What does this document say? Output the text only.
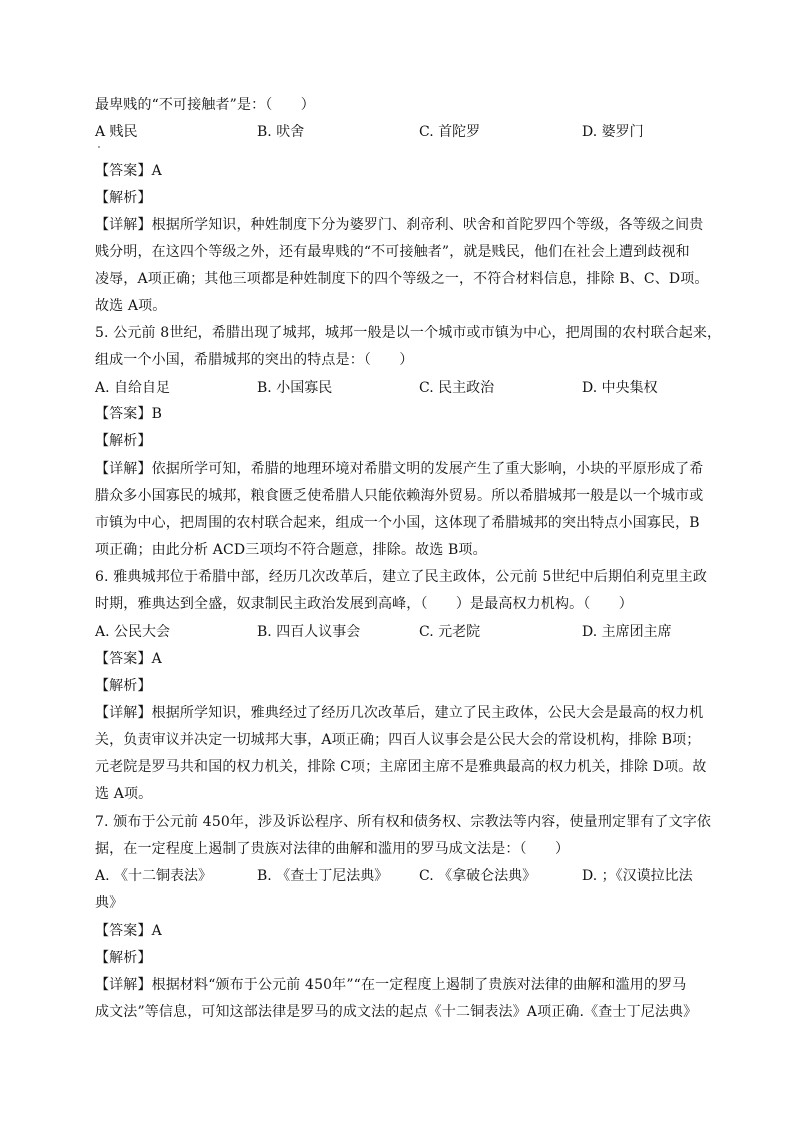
最卑贱的“不可接触者”是：（　　）
A 贱民	B. 吠舍	C. 首陀罗	D. 婆罗门
【答案】A
【解析】
【详解】根据所学知识，种姓制度下分为婆罗门、刹帝利、吠舍和首陀罗四个等级，各等级之间贵
贱分明，在这四个等级之外，还有最卑贱的“不可接触者”，就是贱民，他们在社会上遭到歧视和
凌辱，A项正确；其他三项都是种姓制度下的四个等级之一，不符合材料信息，排除 B、C、D项。
故选 A项。
5. 公元前 8世纪，希腊出现了城邦，城邦一般是以一个城市或市镇为中心，把周围的农村联合起来，
组成一个小国，希腊城邦的突出的特点是：（　　）
A. 自给自足	B. 小国寡民	C. 民主政治	D. 中央集权
【答案】B
【解析】
【详解】依据所学可知，希腊的地理环境对希腊文明的发展产生了重大影响，小块的平原形成了希
腊众多小国寡民的城邦，粮食匮乏使希腊人只能依赖海外贸易。所以希腊城邦一般是以一个城市或
市镇为中心，把周围的农村联合起来，组成一个小国，这体现了希腊城邦的突出特点小国寡民，B
项正确；由此分析 ACD三项均不符合题意，排除。故选 B项。
6. 雅典城邦位于希腊中部，经历几次改革后，建立了民主政体，公元前 5世纪中后期伯利克里主政
时期，雅典达到全盛，奴隶制民主政治发展到高峰，（　　）是最高权力机构。（　　）
A. 公民大会	B. 四百人议事会	C. 元老院	D. 主席团主席
【答案】A
【解析】
【详解】根据所学知识，雅典经过了经历几次改革后，建立了民主政体，公民大会是最高的权力机
关，负责审议并决定一切城邦大事，A项正确；四百人议事会是公民大会的常设机构，排除 B项；
元老院是罗马共和国的权力机关，排除 C项；主席团主席不是雅典最高的权力机关，排除 D项。故
选 A项。
7. 颁布于公元前 450年，涉及诉讼程序、所有权和债务权、宗教法等内容，使量刑定罪有了文字依
据，在一定程度上遏制了贵族对法律的曲解和滥用的罗马成文法是：（　　）
A. 《十二铜表法》	B. 《查士丁尼法典》 C. 《拿破仑法典》	D. ；《汉谟拉比法
典》
【答案】A
【解析】
【详解】根据材料“颁布于公元前 450年”“在一定程度上遏制了贵族对法律的曲解和滥用的罗马
成文法”等信息，可知这部法律是罗马的成文法的起点《十二铜表法》A项正确.《查士丁尼法典》
